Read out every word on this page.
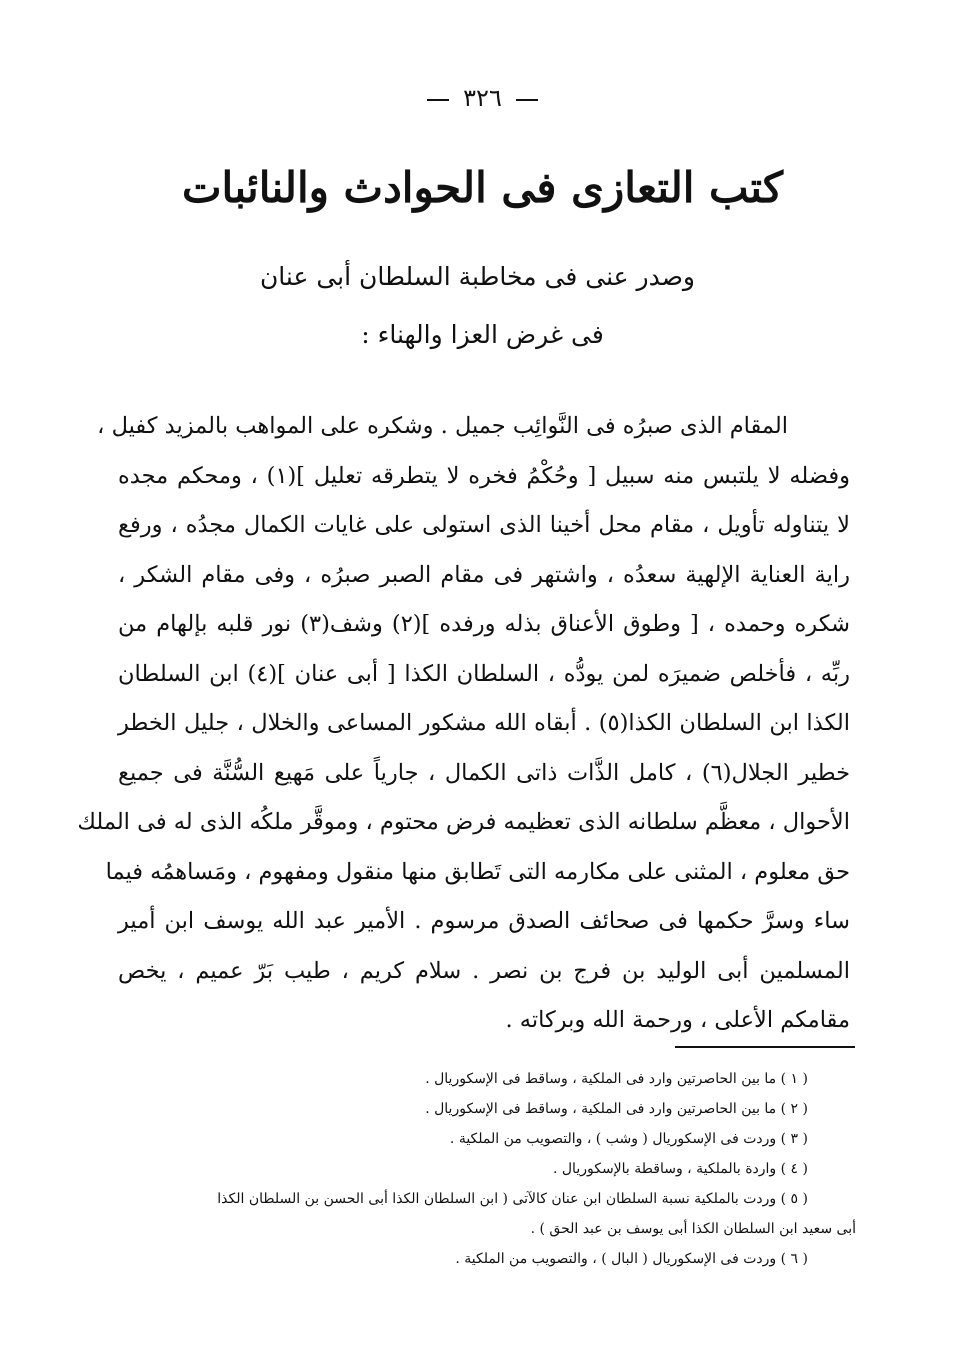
٣٢٦
كتب التعازى فى الحوادث والنائبات
وصدر عنى فى مخاطبة السلطان أبى عنان
فى غرض العزا والهناء :
المقام الذى صبرُه فى النَّوائِب جميل . وشكره على المواهب بالمزيد كفيل ،
وفضله لا يلتبس منه سبيل [ وحُكْمُ فخره لا يتطرقه تعليل ](١) ، ومحكم مجده
لا يتناوله تأويل ، مقام محل أخينا الذى استولى على غايات الكمال مجدُه ، ورفع
راية العناية الإلهية سعدُه ، واشتهر فى مقام الصبر صبرُه ، وفى مقام الشكر ،
شكره وحمده ، [ وطوق الأعناق بذله ورفده ](٢) وشف(٣) نور قلبه بإلهام من
ربِّه ، فأخلص ضميرَه لمن يودُّه ، السلطان الكذا [ أبى عنان ](٤) ابن السلطان
الكذا ابن السلطان الكذا(٥) . أبقاه الله مشكور المساعى والخلال ، جليل الخطر
خطير الجلال(٦) ، كامل الذَّات ذاتى الكمال ، جارياً على مَهيع السُّنَّة فى جميع
الأحوال ، معظَّم سلطانه الذى تعظيمه فرض محتوم ، وموقَّر ملكُه الذى له فى الملك
حق معلوم ، المثنى على مكارمه التى تَطابق منها منقول ومفهوم ، ومَساهمُه فيما
ساء وسرَّ حكمها فى صحائف الصدق مرسوم . الأمير عبد الله يوسف ابن أمير
المسلمين أبى الوليد بن فرج بن نصر . سلام كريم ، طيب بَرّ عميم ، يخص
مقامكم الأعلى ، ورحمة الله وبركاته .
( ١ ) ما بين الحاصرتين وارد فى الملكية ، وساقط فى الإسكوريال .
( ٢ ) ما بين الحاصرتين وارد فى الملكية ، وساقط فى الإسكوريال .
( ٣ ) وردت فى الإسكوريال ( وشب ) ، والتصويب من الملكية .
( ٤ ) واردة بالملكية ، وساقطة بالإسكوريال .
( ٥ ) وردت بالملكية نسبة السلطان ابن عنان كالآتى ( ابن السلطان الكذا أبى الحسن بن السلطان الكذا
أبى سعيد ابن السلطان الكذا أبى يوسف بن عبد الحق ) .
( ٦ ) وردت فى الإسكوريال ( البال ) ، والتصويب من الملكية .
